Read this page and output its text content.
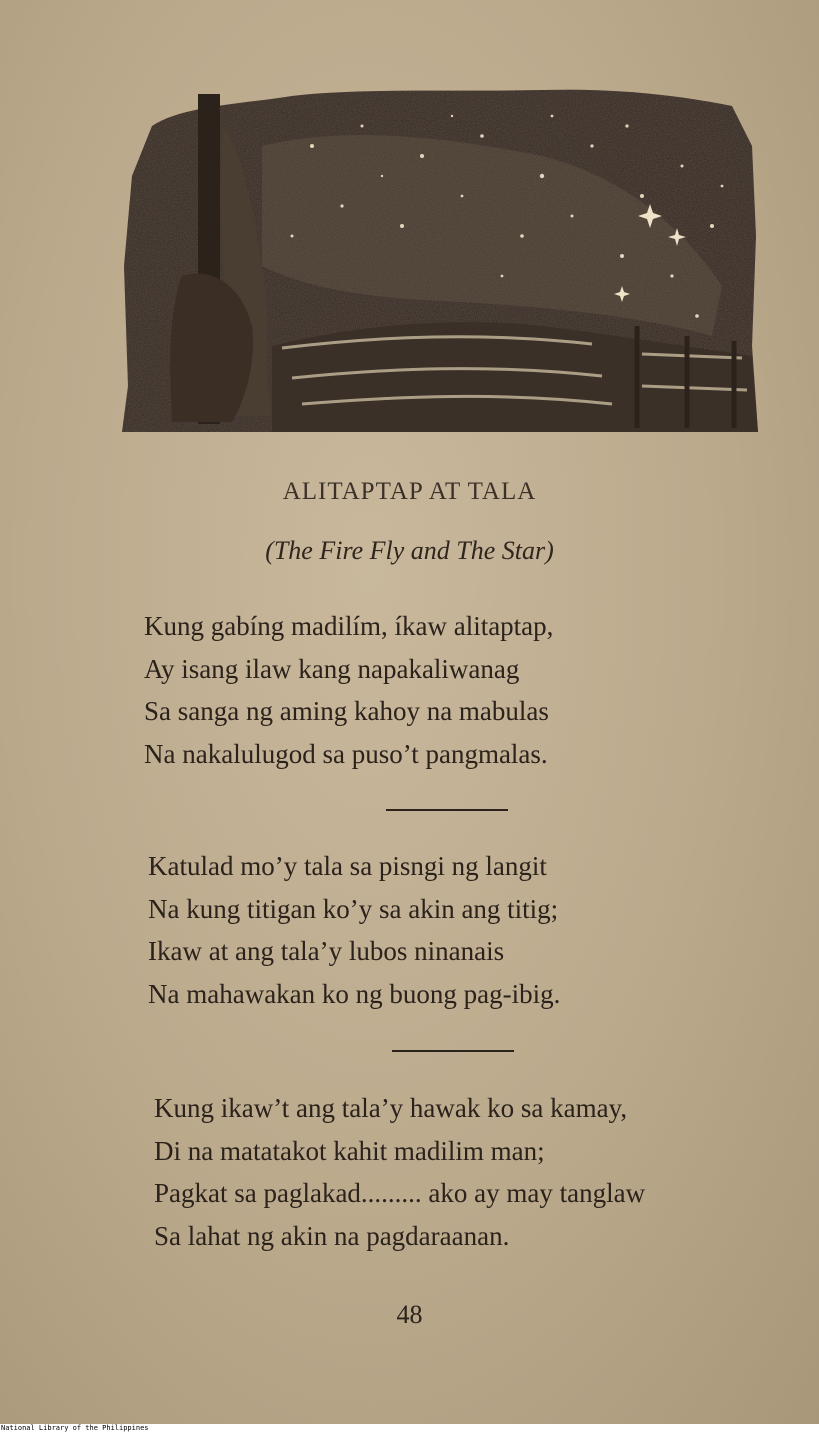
ALITAPTAP AT TALA
(The Fire Fly and The Star)
Kung gabíng madilím, íkaw alitaptap,
Ay isang ilaw kang napakaliwanag
Sa sanga ng aming kahoy na mabulas
Na nakalulugod sa puso’t pangmalas.
Katulad mo’y tala sa pisngi ng langit
Na kung titigan ko’y sa akin ang titig;
Ikaw at ang tala’y lubos ninanais
Na mahawakan ko ng buong pag-ibig.
Kung ikaw’t ang tala’y hawak ko sa kamay,
Di na matatakot kahit madilim man;
Pagkat sa paglakad......... ako ay may tanglaw
Sa lahat ng akin na pagdaraanan.
48
National Library of the Philippines
